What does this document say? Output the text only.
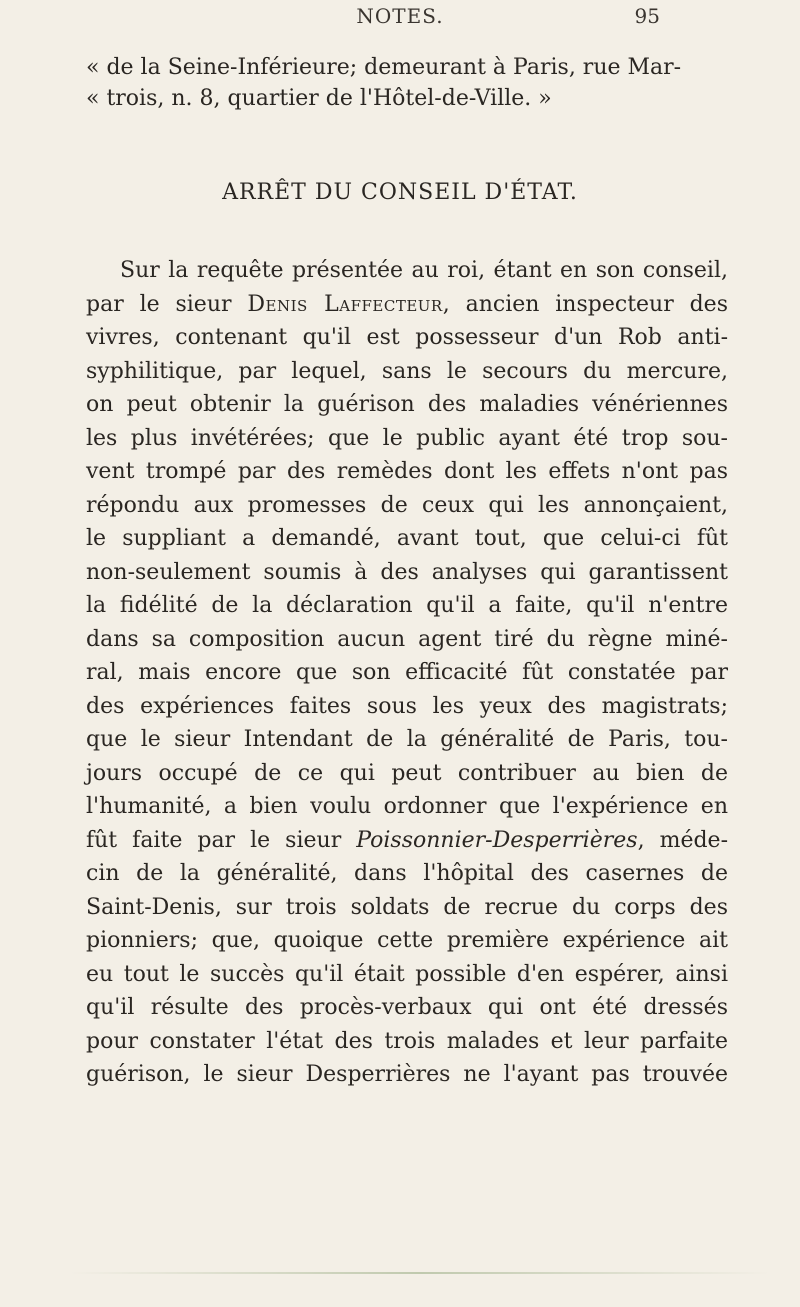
NOTES.	95
« de la Seine-Inférieure; demeurant à Paris, rue Mar-
« trois, n. 8, quartier de l'Hôtel-de-Ville. »
ARRÊT DU CONSEIL D'ÉTAT.
Sur la requête présentée au roi, étant en son conseil,
par le sieur Denis Laffecteur, ancien inspecteur des
vivres, contenant qu'il est possesseur d'un Rob anti-
syphilitique, par lequel, sans le secours du mercure,
on peut obtenir la guérison des maladies vénériennes
les plus invétérées; que le public ayant été trop sou-
vent trompé par des remèdes dont les effets n'ont pas
répondu aux promesses de ceux qui les annonçaient,
le suppliant a demandé, avant tout, que celui-ci fût
non-seulement soumis à des analyses qui garantissent
la fidélité de la déclaration qu'il a faite, qu'il n'entre
dans sa composition aucun agent tiré du règne miné-
ral, mais encore que son efficacité fût constatée par
des expériences faites sous les yeux des magistrats;
que le sieur Intendant de la généralité de Paris, tou-
jours occupé de ce qui peut contribuer au bien de
l'humanité, a bien voulu ordonner que l'expérience en
fût faite par le sieur Poissonnier-Desperrières, méde-
cin de la généralité, dans l'hôpital des casernes de
Saint-Denis, sur trois soldats de recrue du corps des
pionniers; que, quoique cette première expérience ait
eu tout le succès qu'il était possible d'en espérer, ainsi
qu'il résulte des procès-verbaux qui ont été dressés
pour constater l'état des trois malades et leur parfaite
guérison, le sieur Desperrières ne l'ayant pas trouvée
